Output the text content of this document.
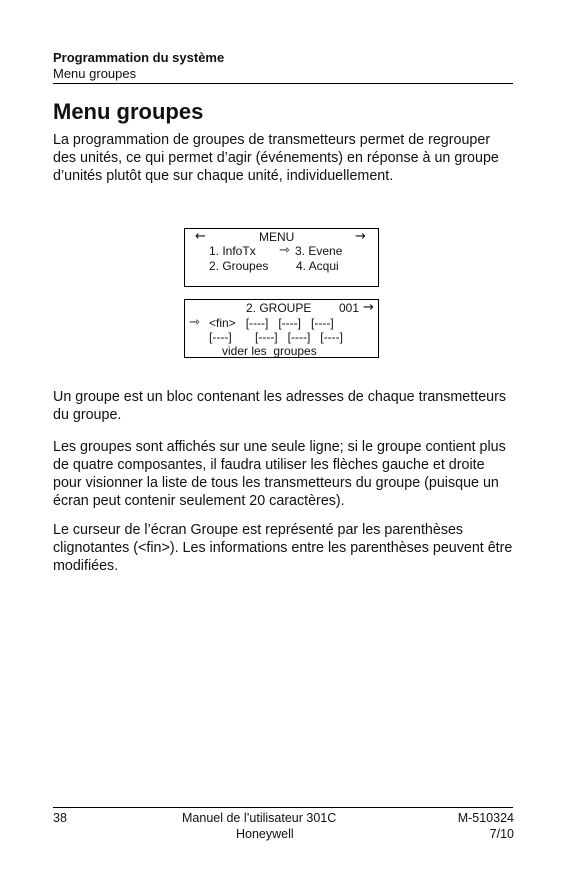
Programmation du système
Menu groupes
Menu groupes

La programmation de groupes de transmetteurs permet de regrouper des unités, ce qui permet d’agir (événements) en réponse à un groupe d’unités plutôt que sur chaque unité, individuellement.

←	MENU	→
1. InfoTx ⇾ 3. Evene
2. Groupes 4. Acqui
2. GROUPE 001 →
⇾ <fin>   [----]   [----]   [----]
[----]       [----]   [----]   [----]
vider les  groupes

Un groupe est un bloc contenant les adresses de chaque transmetteurs du groupe.

Les groupes sont affichés sur une seule ligne; si le groupe contient plus de quatre composantes, il faudra utiliser les flèches gauche et droite pour visionner la liste de tous les transmetteurs du groupe (puisque un écran peut contenir seulement 20 caractères).

Le curseur de l’écran Groupe est représenté par les parenthèses clignotantes (<fin>). Les informations entre les parenthèses peuvent être modifiées.

38	Manuel de l’utilisateur 301C
Honeywell
M-510324
7/10
